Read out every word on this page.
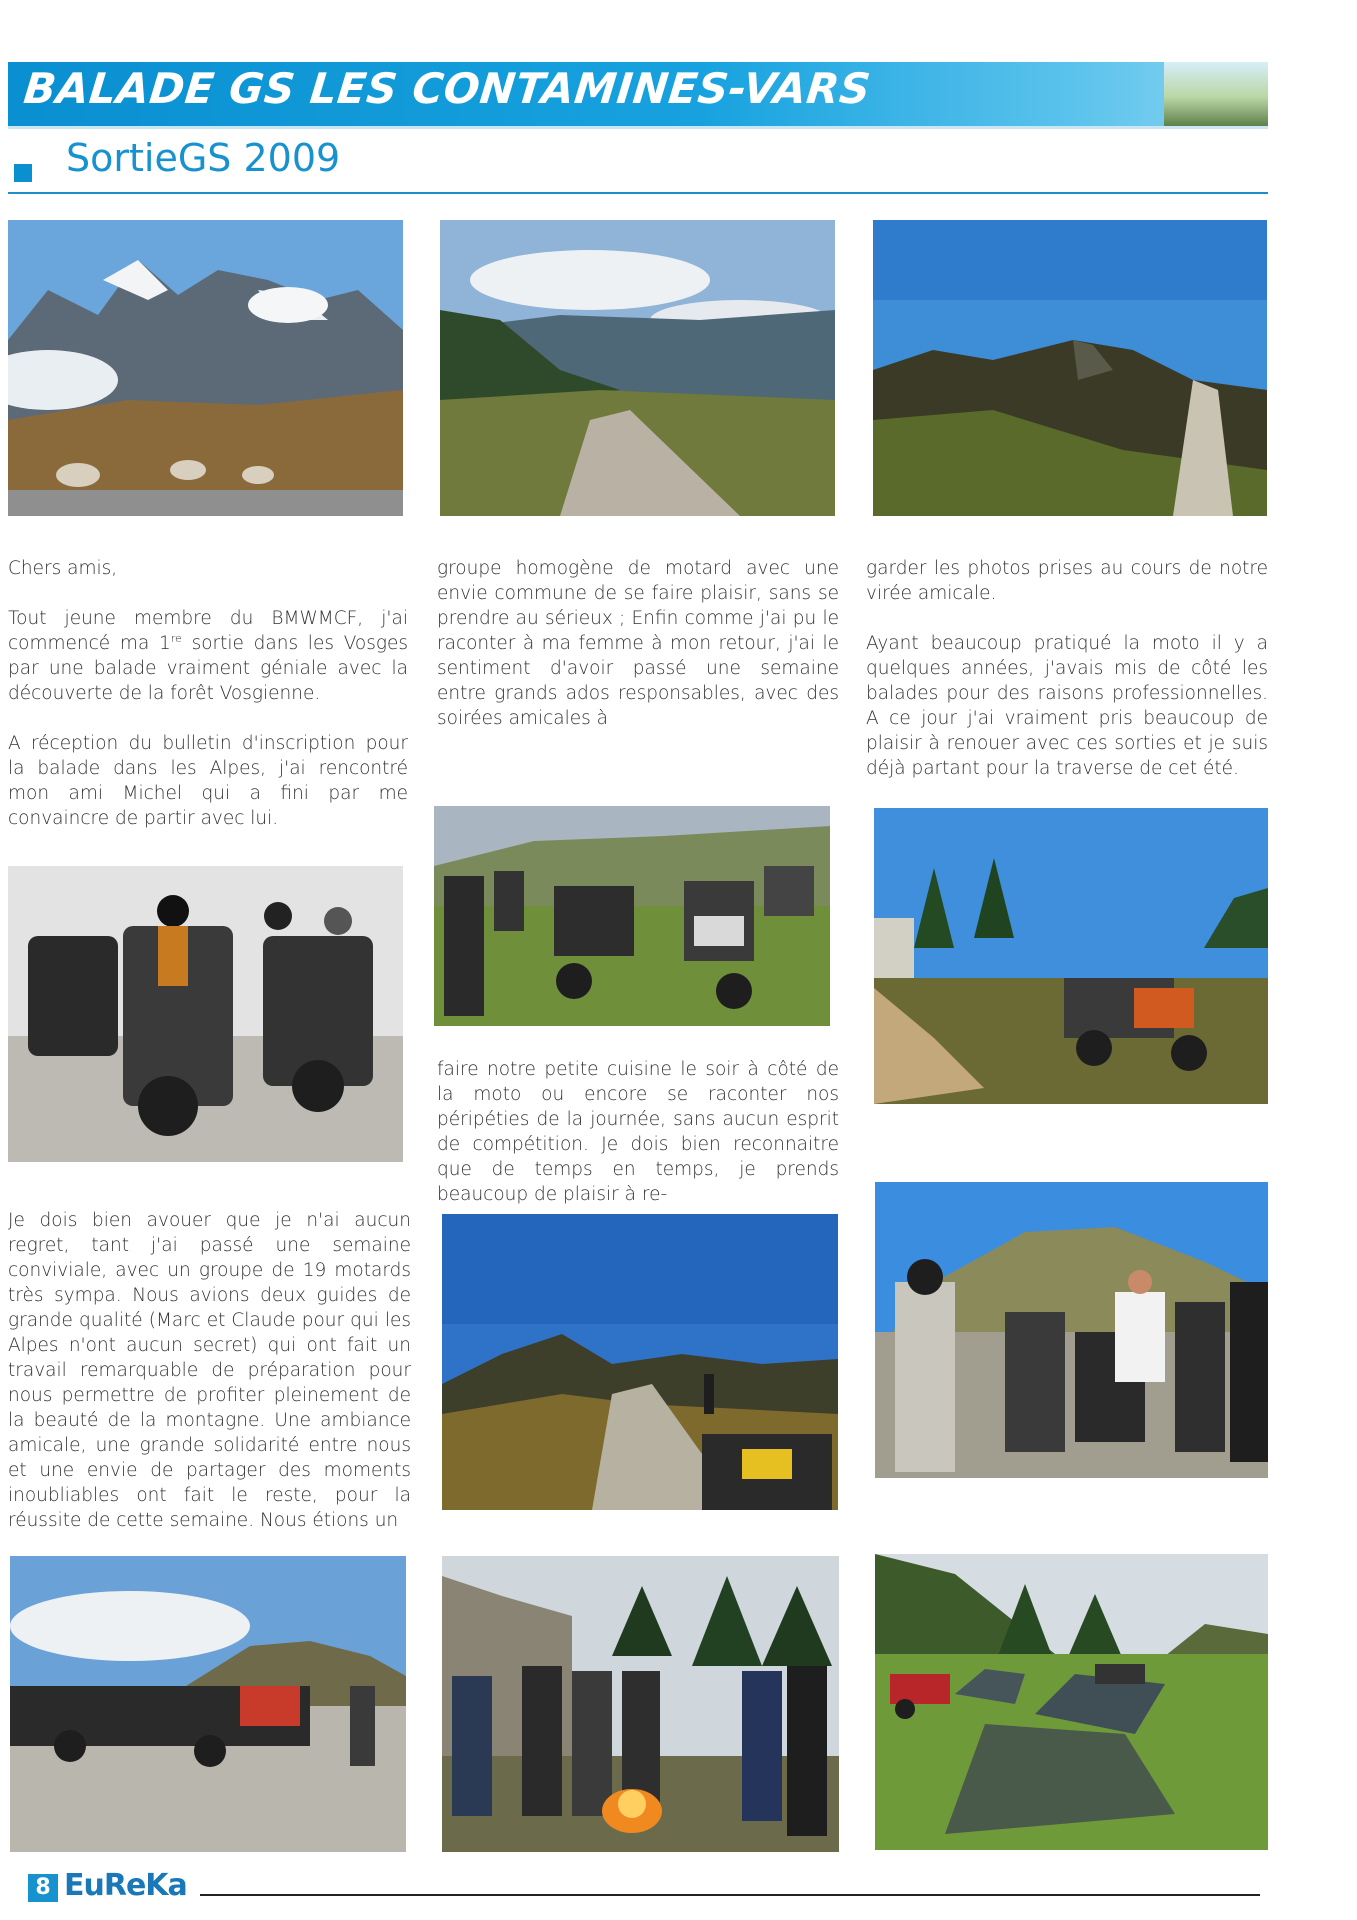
BALADE GS LES CONTAMINES-VARS
SortieGS 2009

Chers amis,

Tout jeune membre du BMWMCF, j'ai commencé ma 1re sortie dans les Vosges par une balade vraiment géniale avec la découverte de la forêt Vosgienne.

A réception du bulletin d'inscription pour la balade dans les Alpes, j'ai rencontré mon ami Michel qui a fini par me convaincre de partir avec lui.

groupe homogène de motard avec une envie commune de se faire plaisir, sans se prendre au sérieux ; Enfin comme j'ai pu le raconter à ma femme à mon retour, j'ai le sentiment d'avoir passé une semaine entre grands ados responsables, avec des soirées amicales à

garder les photos prises au cours de notre virée amicale.

Ayant beaucoup pratiqué la moto il y a quelques années, j'avais mis de côté les balades pour des raisons professionnelles. A ce jour j'ai vraiment pris beaucoup de plaisir à renouer avec ces sorties et je suis déjà partant pour la traverse de cet été.

faire notre petite cuisine le soir à côté de la moto ou encore se raconter nos péripéties de la journée, sans aucun esprit de compétition. Je dois bien reconnaitre que de temps en temps, je prends beaucoup de plaisir à re-
Je dois bien avouer que je n'ai aucun regret, tant j'ai passé une semaine conviviale, avec un groupe de 19 motards très sympa. Nous avions deux guides de grande qualité (Marc et Claude pour qui les Alpes n'ont aucun secret) qui ont fait un travail remarquable de préparation pour nous permettre de profiter pleinement de la beauté de la montagne. Une ambiance amicale, une grande solidarité entre nous et une envie de partager des moments inoubliables ont fait le reste, pour la réussite de cette semaine. Nous étions un
8 EuReKa
